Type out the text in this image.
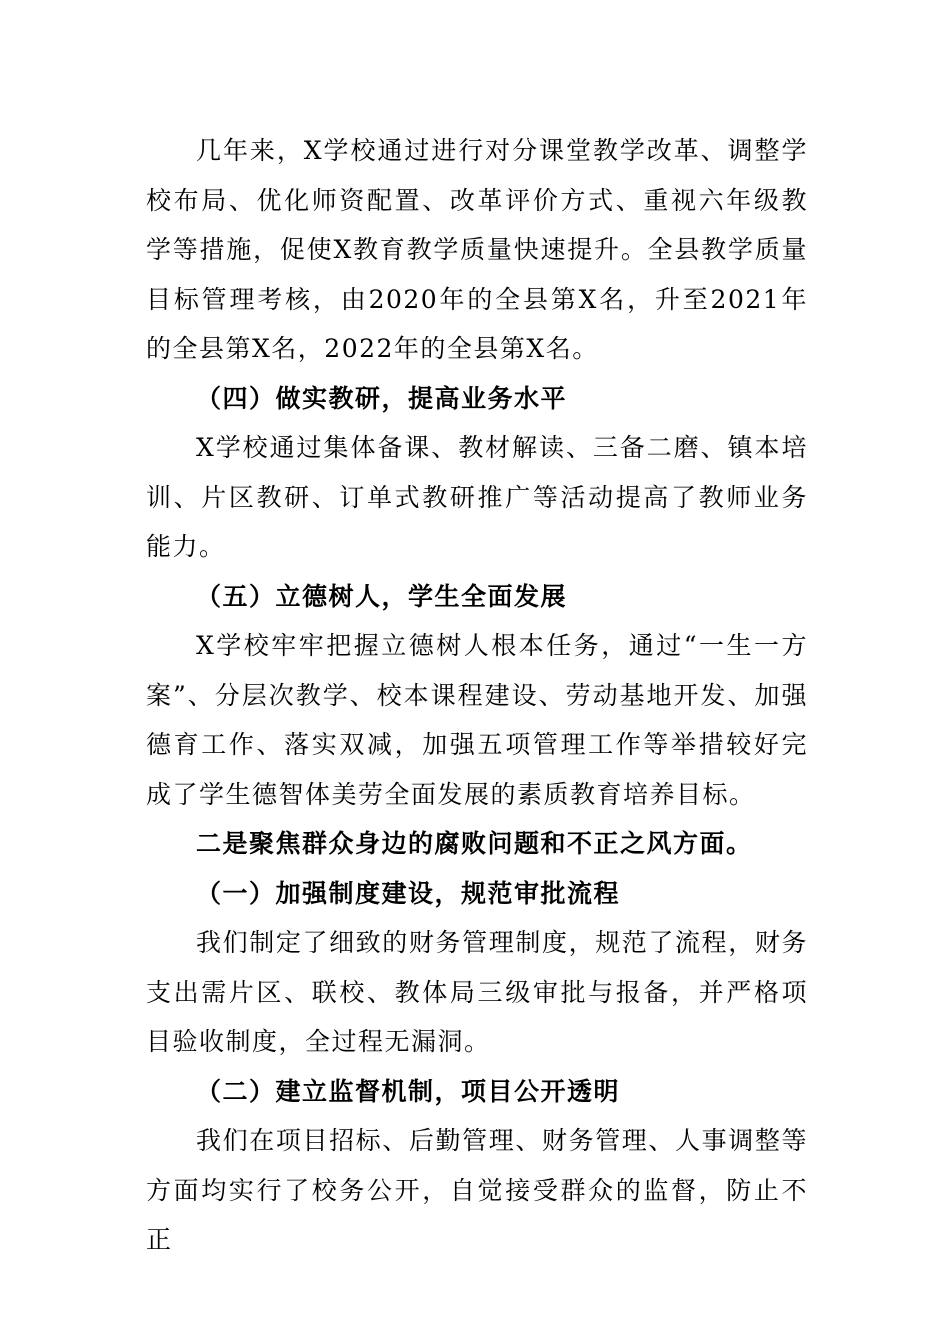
几年来，X学校通过进行对分课堂教学改革、调整学校布局、优化师资配置、改革评价方式、重视六年级教学等措施，促使X教育教学质量快速提升。全县教学质量目标管理考核，由2020年的全县第X名，升至2021年的全县第X名，2022年的全县第X名。

（四）做实教研，提高业务水平

X学校通过集体备课、教材解读、三备二磨、镇本培训、片区教研、订单式教研推广等活动提高了教师业务能力。

（五）立德树人，学生全面发展

X学校牢牢把握立德树人根本任务，通过“一生一方案”、分层次教学、校本课程建设、劳动基地开发、加强德育工作、落实双减，加强五项管理工作等举措较好完成了学生德智体美劳全面发展的素质教育培养目标。

二是聚焦群众身边的腐败问题和不正之风方面。

（一）加强制度建设，规范审批流程

我们制定了细致的财务管理制度，规范了流程，财务支出需片区、联校、教体局三级审批与报备，并严格项目验收制度，全过程无漏洞。

（二）建立监督机制，项目公开透明

我们在项目招标、后勤管理、财务管理、人事调整等方面均实行了校务公开，自觉接受群众的监督，防止不正
